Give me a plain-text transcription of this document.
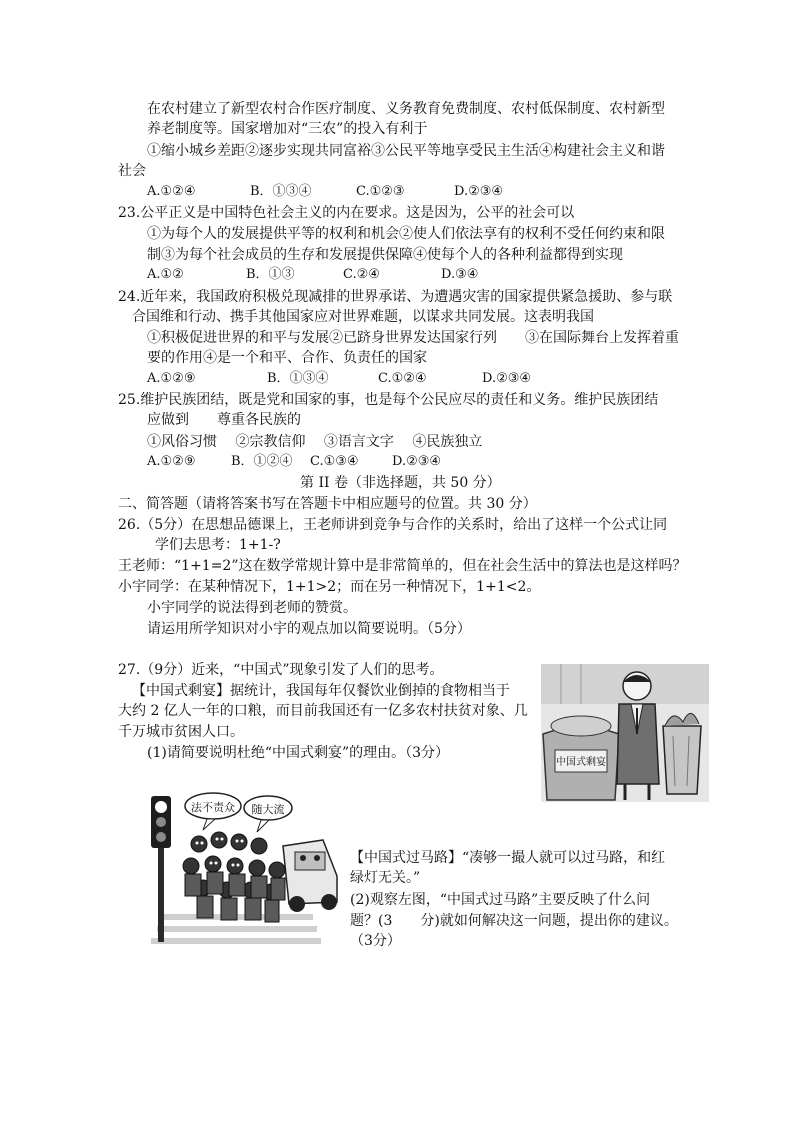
在农村建立了新型农村合作医疗制度、义务教育免费制度、农村低保制度、农村新型
养老制度等。国家增加对“三农”的投入有利于
①缩小城乡差距②逐步实现共同富裕③公民平等地享受民主生活④构建社会主义和谐
社会
A.①②④	B．①③④	C.①②③	D.②③④
23.公平正义是中国特色社会主义的内在要求。这是因为，公平的社会可以
①为每个人的发展提供平等的权利和机会②使人们依法享有的权利不受任何约束和限
制③为每个社会成员的生存和发展提供保障④使每个人的各种利益都得到实现
A.①②	B．①③	C.②④	D.③④
24.近年来，我国政府积极兑现减排的世界承诺、为遭遇灾害的国家提供紧急援助、参与联
合国维和行动、携手其他国家应对世界难题，以谋求共同发展。这表明我国
①积极促进世界的和平与发展②已跻身世界发达国家行列　　③在国际舞台上发挥着重
要的作用④是一个和平、合作、负责任的国家
A.①②⑨	B．①③④	C.①②④	D.②③④
25.维护民族团结，既是党和国家的事，也是每个公民应尽的责任和义务。维护民族团结
应做到　　尊重各民族的
①风俗习惯　 ②宗教信仰　 ③语言文字　 ④民族独立
A.①②⑨	B．①②④ C.①③④	D.②③④
第 II 卷（非选择题，共 50 分）
二、简答题（请将答案书写在答题卡中相应题号的位置。共 30 分）
26.（5分）在思想品德课上，王老师讲到竞争与合作的关系时，给出了这样一个公式让同
学们去思考：1+1-?
王老师：“1+1=2”这在数学常规计算中是非常简单的，但在社会生活中的算法也是这样吗？
小宇同学：在某种情况下，1+1>2；而在另一种情况下，1+1<2。
小宇同学的说法得到老师的赞赏。
请运用所学知识对小宇的观点加以简要说明。（5分）
27.（9分）近来，“中国式”现象引发了人们的思考。
【中国式剩宴】据统计，我国每年仅餐饮业倒掉的食物相当于
大约 2 亿人一年的口粮，而目前我国还有一亿多农村扶贫对象、几
千万城市贫困人口。
(1)请简要说明杜绝“中国式剩宴”的理由。（3分）
中国式剩宴
法不责众 随大流
【中国式过马路】“凑够一撮人就可以过马路，和红
绿灯无关。”
(2)观察左图，“中国式过马路”主要反映了什么问
题？(3　　分)就如何解决这一问题，提出你的建议。
（3分）
